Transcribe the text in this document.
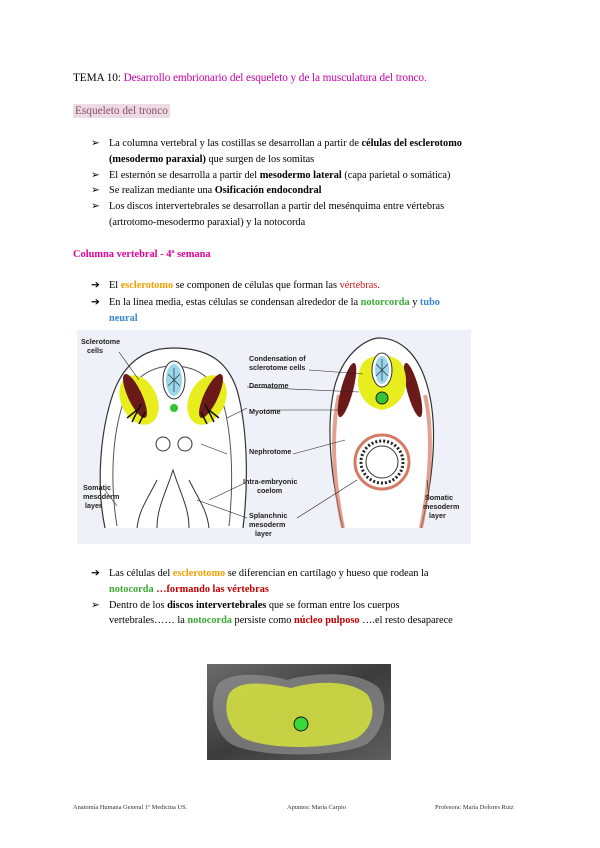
TEMA 10: Desarrollo embrionario del esqueleto y de la musculatura del tronco.
Esqueleto del tronco
➢ La columna vertebral y las costillas se desarrollan a partir de células del esclerotomo
(mesodermo paraxial) que surgen de los somitas
➢ El esternón se desarrolla a partir del mesodermo lateral (capa parietal o somática)
➢ Se realizan mediante una Osificación endocondral
➢ Los discos intervertebrales se desarrollan a partir del mesénquima entre vértebras
(artrotomo-mesodermo paraxial) y la notocorda
Columna vertebral - 4ª semana
➔ El esclerotomo se componen de células que forman las vértebras.
➔ En la línea media, estas células se condensan alrededor de la notorcorda y tubo
neural
Sclerotome
cells
Condensation of
sclerotome cells
Dermatome
Myotome
Nephrotome
Intra-embryonic
coelom
Somatic
mesoderm
layer
Splanchnic
mesoderm
layer
Somatic
mesoderm
layer
➔ Las células del esclerotomo se diferencian en cartílago y hueso que rodean la
notocorda …formando las vértebras
➢ Dentro de los discos intervertebrales que se forman entre los cuerpos
vertebrales…… la notocorda persiste como núcleo pulposo ….el resto desaparece
Anatomía Humana General 1º Medicina US.	Apuntes: María Carpio	Profesora: María Dolores Ruiz
